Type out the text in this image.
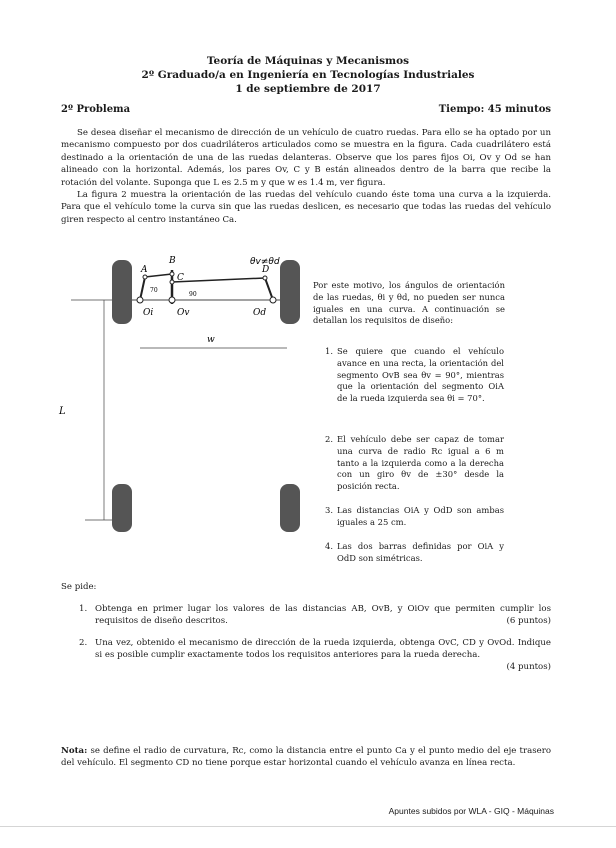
Teoría de Máquinas y Mecanismos
2º Graduado/a en Ingeniería en Tecnologías Industriales
1 de septiembre de 2017
2º Problema	Tiempo: 45 minutos

Se desea diseñar el mecanismo de dirección de un vehículo de cuatro ruedas. Para ello se ha optado por un mecanismo compuesto por dos cuadriláteros articulados como se muestra en la figura. Cada cuadrilátero está destinado a la orientación de una de las ruedas delanteras. Observe que los pares fijos Oi, Ov y Od se han alineado con la horizontal. Además, los pares Ov, C y B están alineados dentro de la barra que recibe la rotación del volante. Suponga que L es 2.5 m y que w es 1.4 m, ver figura.

La figura 2 muestra la orientación de las ruedas del vehículo cuando éste toma una curva a la izquierda. Para que el vehículo tome la curva sin que las ruedas deslicen, es necesario que todas las ruedas del vehículo giren respecto al centro instantáneo Ca.

A
B
C
D
Oi	Ov	Od
70
90
θv≠θd
w
L
Por este motivo, los ángulos de orientación de las ruedas, θi y θd, no pueden ser nunca iguales en una curva. A continuación se detallan los requisitos de diseño:
1. Se quiere que cuando el vehículo avance en una recta, la orientación del segmento OvB sea θv = 90°, mientras que la orientación del segmento OiA de la rueda izquierda sea θi = 70°.
2. El vehículo debe ser capaz de tomar una curva de radio Rc igual a 6 m tanto a la izquierda como a la derecha con un giro θv de ±30° desde la posición recta.
3. Las distancias OiA y OdD son ambas iguales a 25 cm.
4. Las dos barras definidas por OiA y OdD son simétricas.
Se pide:
1. Obtenga en primer lugar los valores de las distancias AB, OvB, y OiOv que permiten cumplir los requisitos de diseño descritos.	(6 puntos)
2. Una vez, obtenido el mecanismo de dirección de la rueda izquierda, obtenga OvC, CD y OvOd. Indique si es posible cumplir exactamente todos los requisitos anteriores para la rueda derecha.
(4 puntos)
Nota: se define el radio de curvatura, Rc, como la distancia entre el punto Ca y el punto medio del eje trasero del vehículo. El segmento CD no tiene porque estar horizontal cuando el vehículo avanza en línea recta.
Apuntes subidos por WLA - GIQ - Máquinas
